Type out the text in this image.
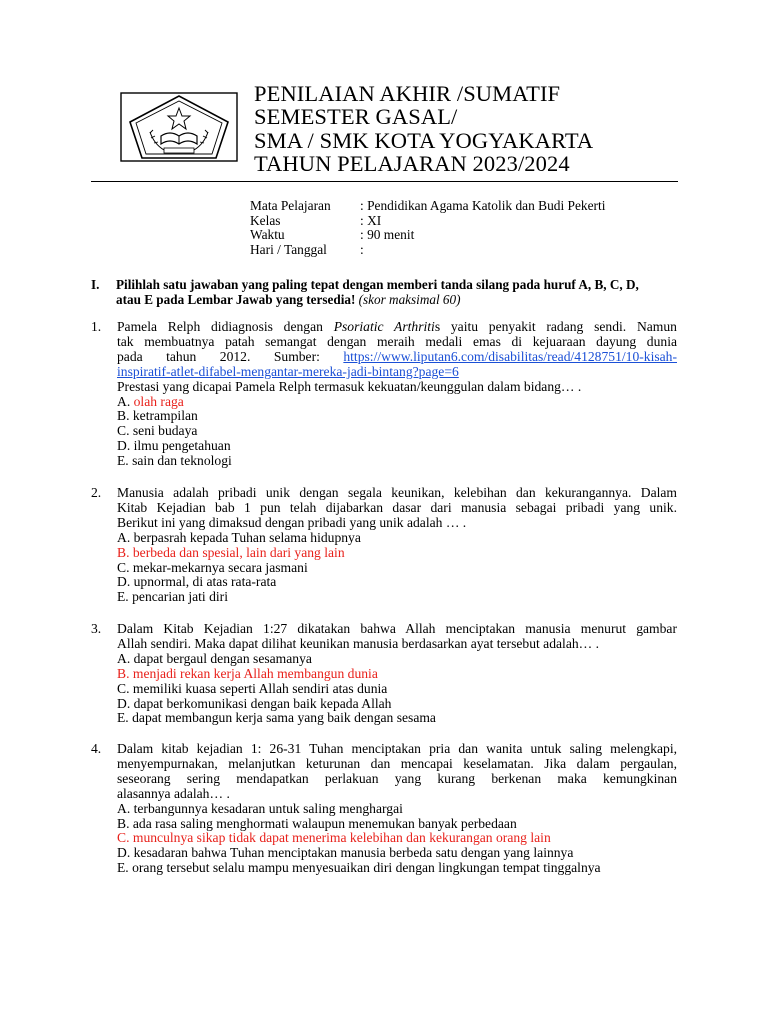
PENILAIAN AKHIR /SUMATIF
SEMESTER GASAL/
SMA / SMK KOTA YOGYAKARTA
TAHUN PELAJARAN 2023/2024
Mata Pelajaran	: Pendidikan Agama Katolik dan Budi Pekerti
Kelas	: XI
Waktu	: 90 menit
Hari / Tanggal	:
I. Pilihlah satu jawaban yang paling tepat dengan memberi tanda silang pada huruf A, B, C, D,
atau E pada Lembar Jawab yang tersedia! (skor maksimal 60)
1. Pamela Relph didiagnosis dengan Psoriatic Arthritis yaitu penyakit radang sendi. Namun
tak membuatnya patah semangat dengan meraih medali emas di kejuaraan dayung dunia
pada tahun 2012. Sumber: https://www.liputan6.com/disabilitas/read/4128751/10-kisah-
inspiratif-atlet-difabel-mengantar-mereka-jadi-bintang?page=6
Prestasi yang dicapai Pamela Relph termasuk kekuatan/keunggulan dalam bidang… .
A. olah raga
B. ketrampilan
C. seni budaya
D. ilmu pengetahuan
E. sain dan teknologi
2. Manusia adalah pribadi unik dengan segala keunikan, kelebihan dan kekurangannya. Dalam
Kitab Kejadian bab 1 pun telah dijabarkan dasar dari manusia sebagai pribadi yang unik.
Berikut ini yang dimaksud dengan pribadi yang unik adalah … .
A. berpasrah kepada Tuhan selama hidupnya
B. berbeda dan spesial, lain dari yang lain
C. mekar-mekarnya secara jasmani
D. upnormal, di atas rata-rata
E. pencarian jati diri
3. Dalam Kitab Kejadian 1:27 dikatakan bahwa Allah menciptakan manusia menurut gambar
Allah sendiri. Maka dapat dilihat keunikan manusia berdasarkan ayat tersebut adalah… .
A. dapat bergaul dengan sesamanya
B. menjadi rekan kerja Allah membangun dunia
C. memiliki kuasa seperti Allah sendiri atas dunia
D. dapat berkomunikasi dengan baik kepada Allah
E. dapat membangun kerja sama yang baik dengan sesama
4. Dalam kitab kejadian 1: 26-31 Tuhan menciptakan pria dan wanita untuk saling melengkapi,
menyempurnakan, melanjutkan keturunan dan mencapai keselamatan. Jika dalam pergaulan,
seseorang sering mendapatkan perlakuan yang kurang berkenan maka kemungkinan
alasannya adalah… .
A. terbangunnya kesadaran untuk saling menghargai
B. ada rasa saling menghormati walaupun menemukan banyak perbedaan
C. munculnya sikap tidak dapat menerima kelebihan dan kekurangan orang lain
D. kesadaran bahwa Tuhan menciptakan manusia berbeda satu dengan yang lainnya
E. orang tersebut selalu mampu menyesuaikan diri dengan lingkungan tempat tinggalnya
